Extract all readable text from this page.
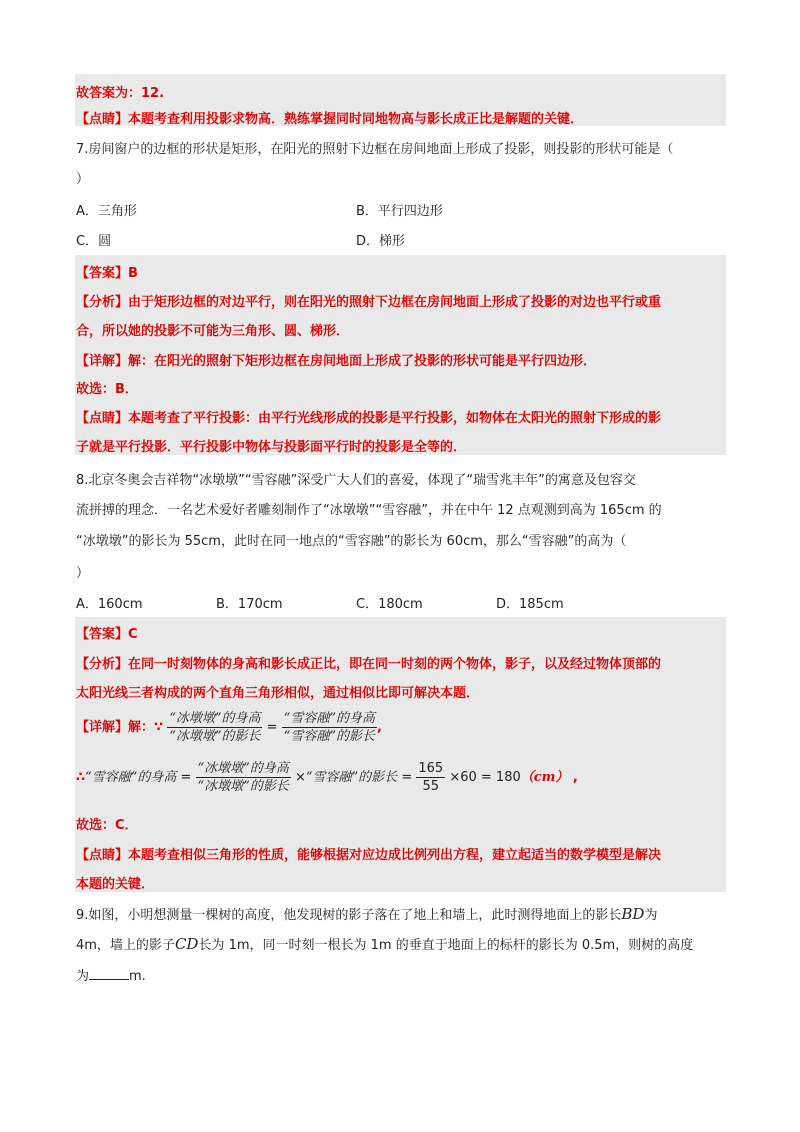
故答案为：12.
【点睛】本题考查利用投影求物高．熟练掌握同时同地物高与影长成正比是解题的关键．
7.房间窗户的边框的形状是矩形，在阳光的照射下边框在房间地面上形成了投影，则投影的形状可能是（
）
A．三角形	B．平行四边形
C．圆	D．梯形
【答案】B
【分析】由于矩形边框的对边平行，则在阳光的照射下边框在房间地面上形成了投影的对边也平行或重
合，所以她的投影不可能为三角形、圆、梯形．
【详解】解：在阳光的照射下矩形边框在房间地面上形成了投影的形状可能是平行四边形．
故选：B．
【点睛】本题考查了平行投影：由平行光线形成的投影是平行投影，如物体在太阳光的照射下形成的影
子就是平行投影．平行投影中物体与投影面平行时的投影是全等的．
8.北京冬奥会吉祥物“冰墩墩”“雪容融”深受广大人们的喜爱，体现了“瑞雪兆丰年”的寓意及包容交
流拼搏的理念．一名艺术爱好者雕刻制作了“冰墩墩”“雪容融”，并在中午 12 点观测到高为 165cm 的
“冰墩墩”的影长为 55cm，此时在同一地点的“雪容融”的影长为 60cm，那么“雪容融”的高为（
）
A．160cm	B．170cm	C．180cm	D．185cm
【答案】C
【分析】在同一时刻物体的身高和影长成正比，即在同一时刻的两个物体，影子，以及经过物体顶部的
太阳光线三者构成的两个直角三角形相似，通过相似比即可解决本题．
【详解】解：∵ $\frac{\text{“冰墩墩”的身高}}{\text{“冰墩墩”的影长}} = \frac{\text{“雪容融”的身高}}{\text{“雪容融”的影长}}$ ,
∴“雪容融”的身高 = $\frac{\text{“冰墩墩”的身高}}{\text{“冰墩墩”的影长}}$ ×“雪容融”的影长 = $\frac{165}{55} \times 60 = 180(cm)$ ,
故选：C．
【点睛】本题考查相似三角形的性质，能够根据对应边成比例列出方程，建立起适当的数学模型是解决
本题的关键．
9.如图，小明想测量一棵树的高度，他发现树的影子落在了地上和墙上，此时测得地面上的影长BD为
4m，墙上的影子CD长为 1m，同一时刻一根长为 1m 的垂直于地面上的标杆的影长为 0.5m，则树的高度
为	m.
